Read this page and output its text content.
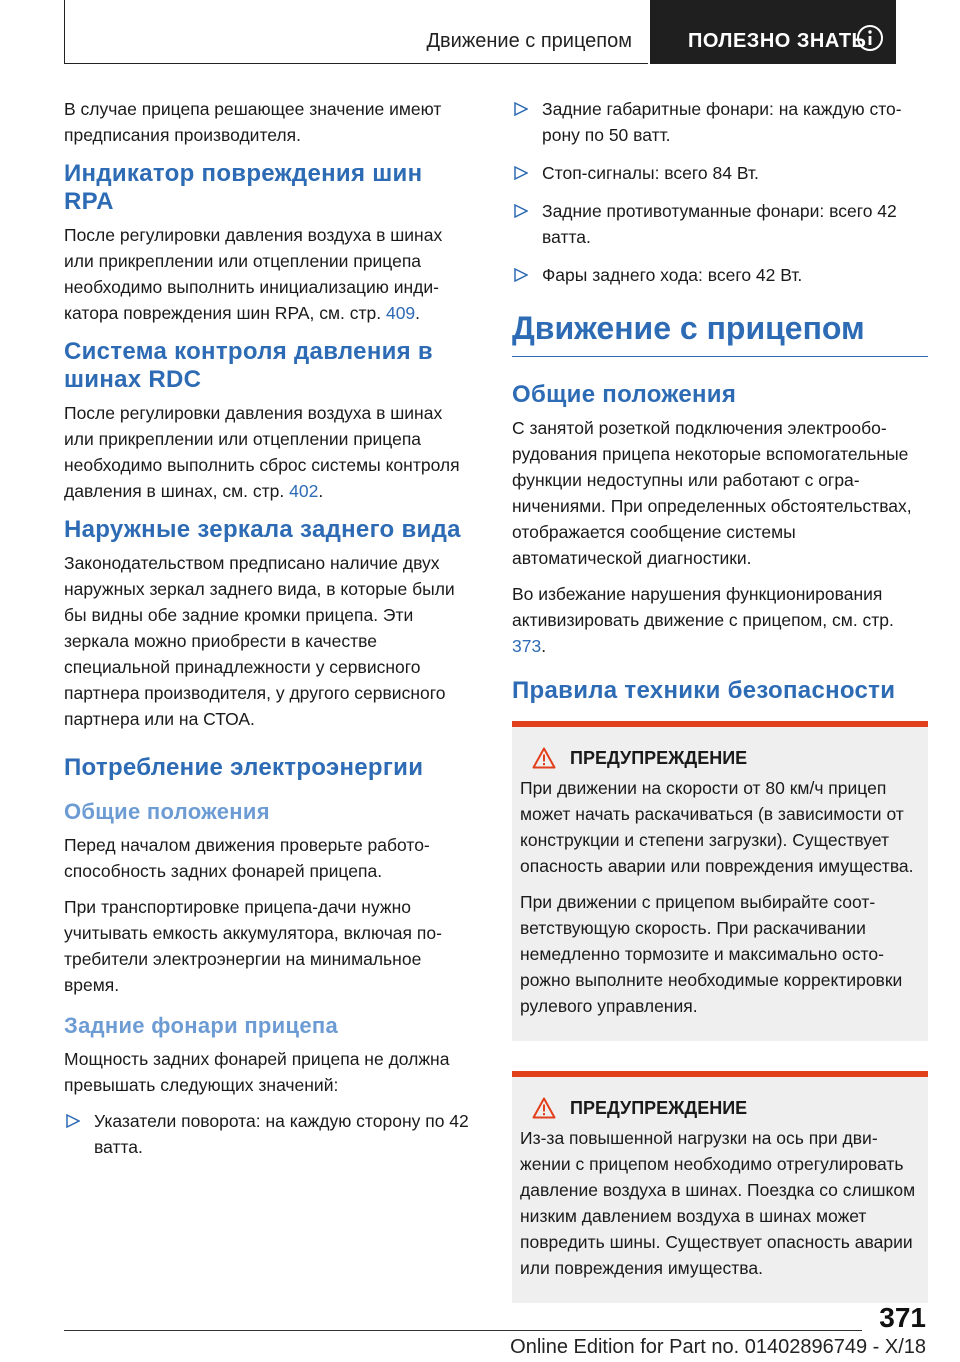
Движение с прицепом	ПОЛЕЗНО ЗНАТЬ

В случае прицепа решающее значение имеют предписания производителя.

Индикатор повреждения шин RPA

После регулировки давления воздуха в шинах или прикреплении или отцеплении прицепа необходимо выполнить инициализацию индикатора повреждения шин RPA, см. стр. 409.

Система контроля давления в шинах RDC

После регулировки давления воздуха в шинах или прикреплении или отцеплении прицепа необходимо выполнить сброс системы контроля давления в шинах, см. стр. 402.

Наружные зеркала заднего вида

Законодательством предписано наличие двух наружных зеркал заднего вида, в которые были бы видны обе задние кромки прицепа. Эти зеркала можно приобрести в качестве специальной принадлежности у сервисного партнера производителя, у другого сервисного партнера или на СТОА.

Потребление электроэнергии
Общие положения

Перед началом движения проверьте работоспособность задних фонарей прицепа.

При транспортировке прицепа-дачи нужно учитывать емкость аккумулятора, включая потребители электроэнергии на минимальное время.

Задние фонари прицепа

Мощность задних фонарей прицепа не должна превышать следующих значений:

Указатели поворота: на каждую сторону по 42 ватта.
Задние габаритные фонари: на каждую сторону по 50 ватт.
Стоп-сигналы: всего 84 Вт.
Задние противотуманные фонари: всего 42 ватта.
Фары заднего хода: всего 42 Вт.
Движение с прицепом
Общие положения

С занятой розеткой подключения электрооборудования прицепа некоторые вспомогательные функции недоступны или работают с ограничениями. При определенных обстоятельствах, отображается сообщение системы автоматической диагностики.

Во избежание нарушения функционирования активизировать движение с прицепом, см. стр. 373.

Правила техники безопасности
ПРЕДУПРЕЖДЕНИЕ

При движении на скорости от 80 км/ч прицеп может начать раскачиваться (в зависимости от конструкции и степени загрузки). Существует опасность аварии или повреждения имущества.

При движении с прицепом выбирайте соответствующую скорость. При раскачивании немедленно тормозите и максимально осторожно выполните необходимые корректировки рулевого управления.

ПРЕДУПРЕЖДЕНИЕ

Из-за повышенной нагрузки на ось при движении с прицепом необходимо отрегулировать давление воздуха в шинах. Поездка со слишком низким давлением воздуха в шинах может повредить шины. Существует опасность аварии или повреждения имущества.

371
Online Edition for Part no. 01402896749 - X/18
